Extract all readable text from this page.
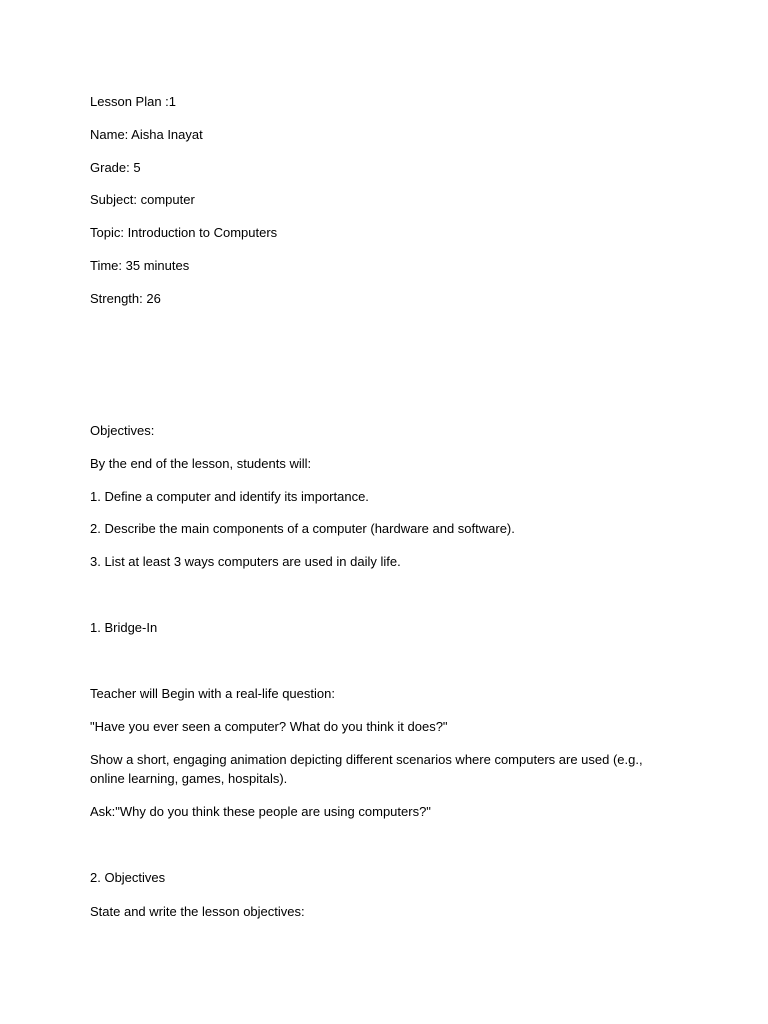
Lesson Plan :1
Name: Aisha Inayat
Grade: 5
Subject: computer
Topic: Introduction to Computers
Time: 35 minutes
Strength: 26
Objectives:
By the end of the lesson, students will:
1. Define a computer and identify its importance.
2. Describe the main components of a computer (hardware and software).
3. List at least 3 ways computers are used in daily life.
1. Bridge-In
Teacher will Begin with a real-life question:
"Have you ever seen a computer? What do you think it does?"
Show a short, engaging animation depicting different scenarios where computers are used (e.g., online learning, games, hospitals).
Ask:"Why do you think these people are using computers?"
2. Objectives
State and write the lesson objectives:
